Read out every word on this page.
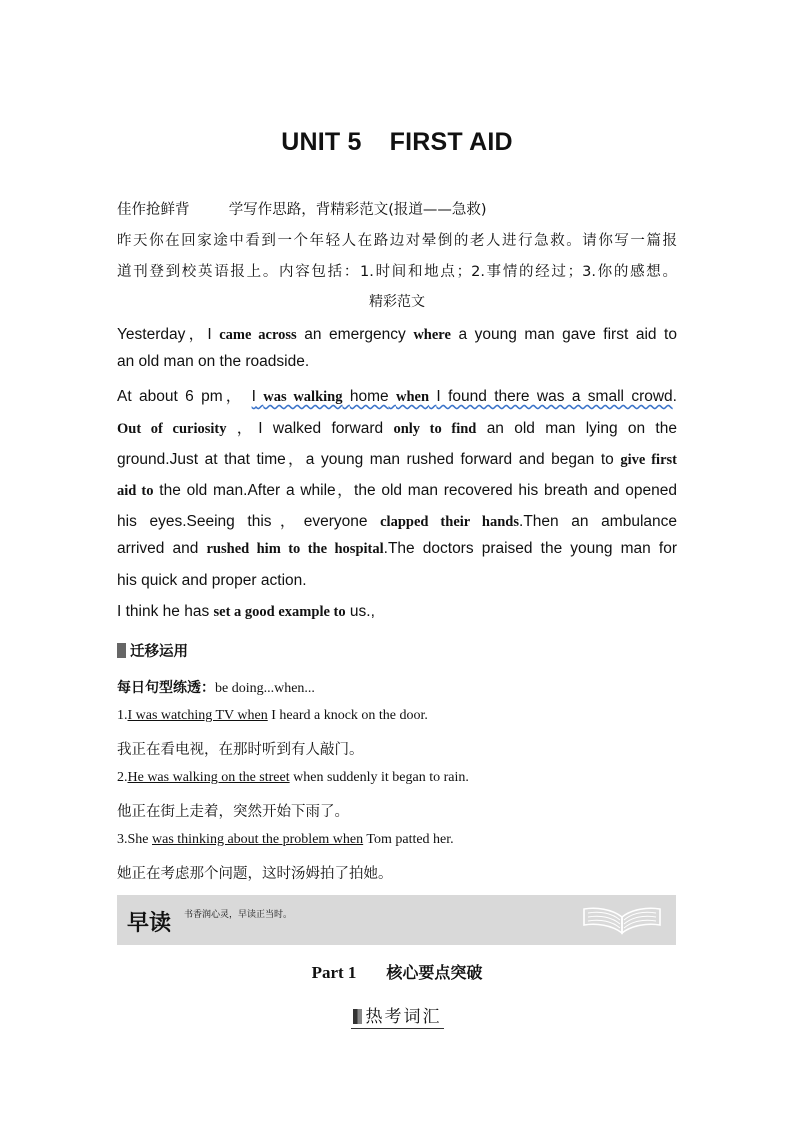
UNIT 5 FIRST AID
佳作抢鲜背	学写作思路，背精彩范文(报道——急救)
昨天你在回家途中看到一个年轻人在路边对晕倒的老人进行急救。请你写一篇报
道刊登到校英语报上。内容包括：1.时间和地点；2.事情的经过；3.你的感想。
精彩范文
Yesterday，I came across an emergency where a young man gave first aid to
an old man on the roadside.
At about 6 pm， I was walking home when I found there was a small crowd.
Out of curiosity ，I walked forward only to find an old man lying on the
ground.Just at that time，a young man rushed forward and began to give first
aid to the old man.After a while，the old man recovered his breath and opened
his eyes.Seeing this，everyone clapped their hands.Then an ambulance
arrived and rushed him to the hospital.The doctors praised the young man for
his quick and proper action.
I think he has set a good example to us.,
迁移运用
每日句型练透：be doing...when...
1.I was watching TV when I heard a knock on the door.
我正在看电视，在那时听到有人敲门。
2.He was walking on the street when suddenly it began to rain.
他正在街上走着，突然开始下雨了。
3.She was thinking about the problem when Tom patted her.
她正在考虑那个问题，这时汤姆拍了拍她。
早读 书香润心灵，早读正当时。
Part 1 核心要点突破
热考词汇
